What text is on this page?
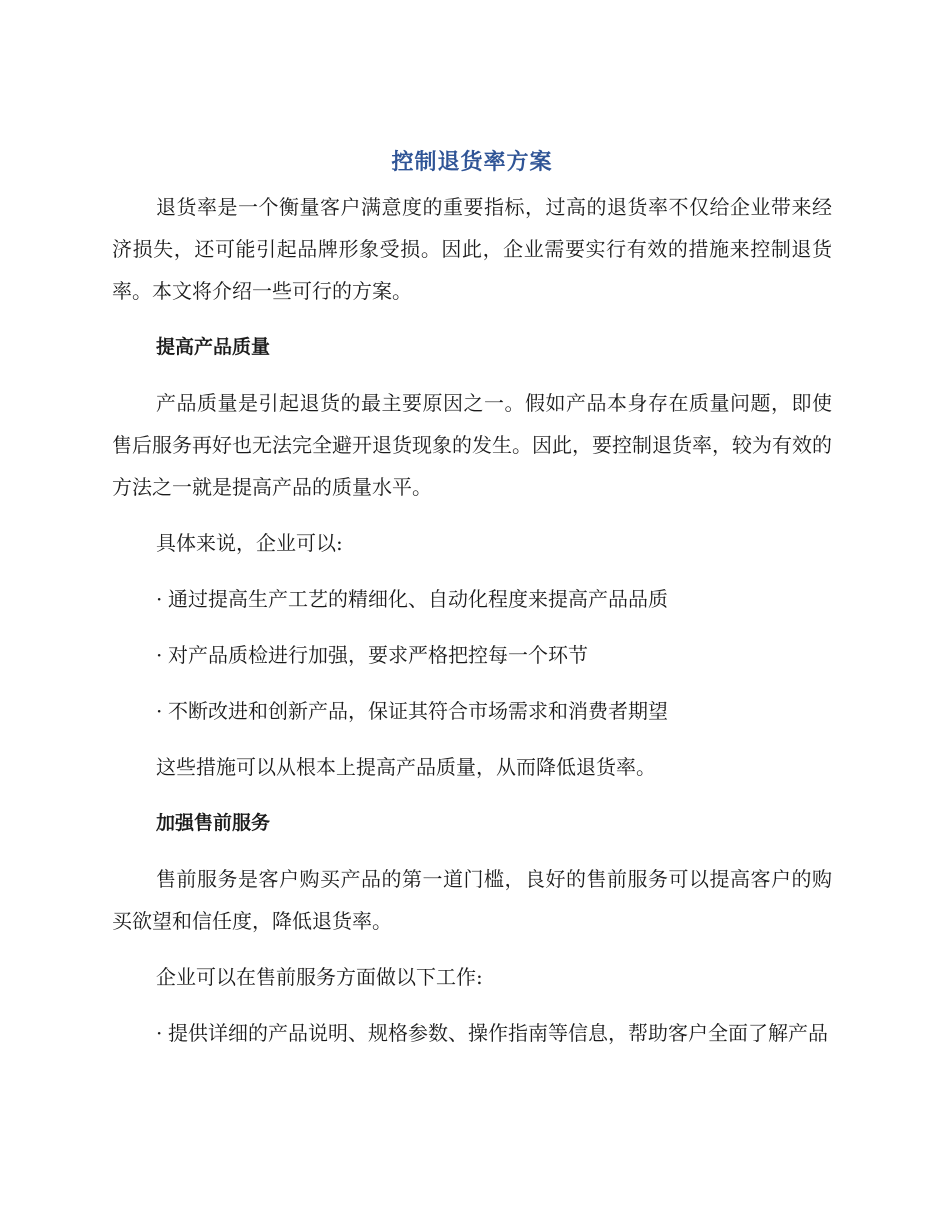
控制退货率方案

退货率是一个衡量客户满意度的重要指标，过高的退货率不仅给企业带来经济损失，还可能引起品牌形象受损。因此，企业需要实行有效的措施来控制退货率。本文将介绍一些可行的方案。

提高产品质量

产品质量是引起退货的最主要原因之一。假如产品本身存在质量问题，即使售后服务再好也无法完全避开退货现象的发生。因此，要控制退货率，较为有效的方法之一就是提高产品的质量水平。

具体来说，企业可以:

· 通过提高生产工艺的精细化、自动化程度来提高产品品质

· 对产品质检进行加强，要求严格把控每一个环节

· 不断改进和创新产品，保证其符合市场需求和消费者期望

这些措施可以从根本上提高产品质量，从而降低退货率。

加强售前服务

售前服务是客户购买产品的第一道门槛，良好的售前服务可以提高客户的购买欲望和信任度，降低退货率。

企业可以在售前服务方面做以下工作:

· 提供详细的产品说明、规格参数、操作指南等信息，帮助客户全面了解产品
